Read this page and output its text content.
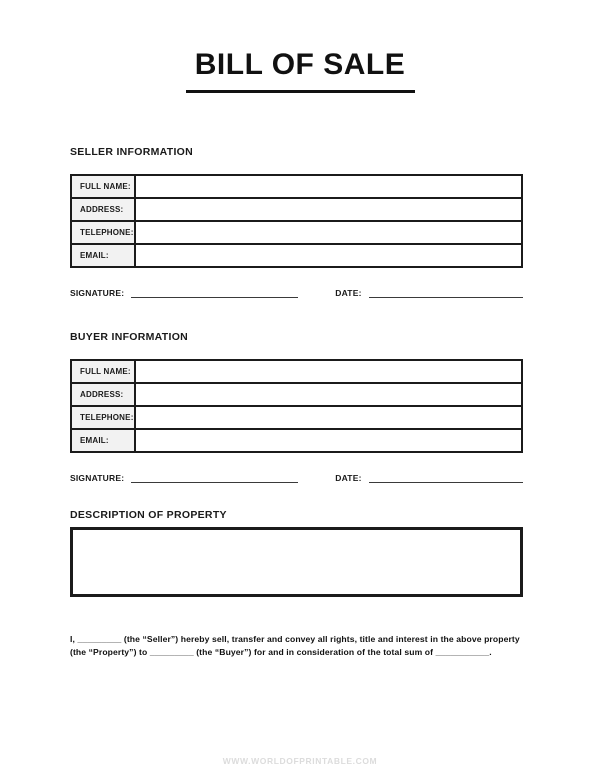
BILL OF SALE
SELLER INFORMATION
FULL NAME:	
ADDRESS:	
TELEPHONE:	
EMAIL:	
SIGNATURE:	DATE:
BUYER INFORMATION
FULL NAME:	
ADDRESS:	
TELEPHONE:	
EMAIL:	
SIGNATURE:	DATE:
DESCRIPTION OF PROPERTY

I, _________ (the “Seller”) hereby sell, transfer and convey all rights, title and interest in the above property
(the “Property”) to _________ (the “Buyer”) for and in consideration of the total sum of ___________.

WWW.WORLDOFPRINTABLE.COM
